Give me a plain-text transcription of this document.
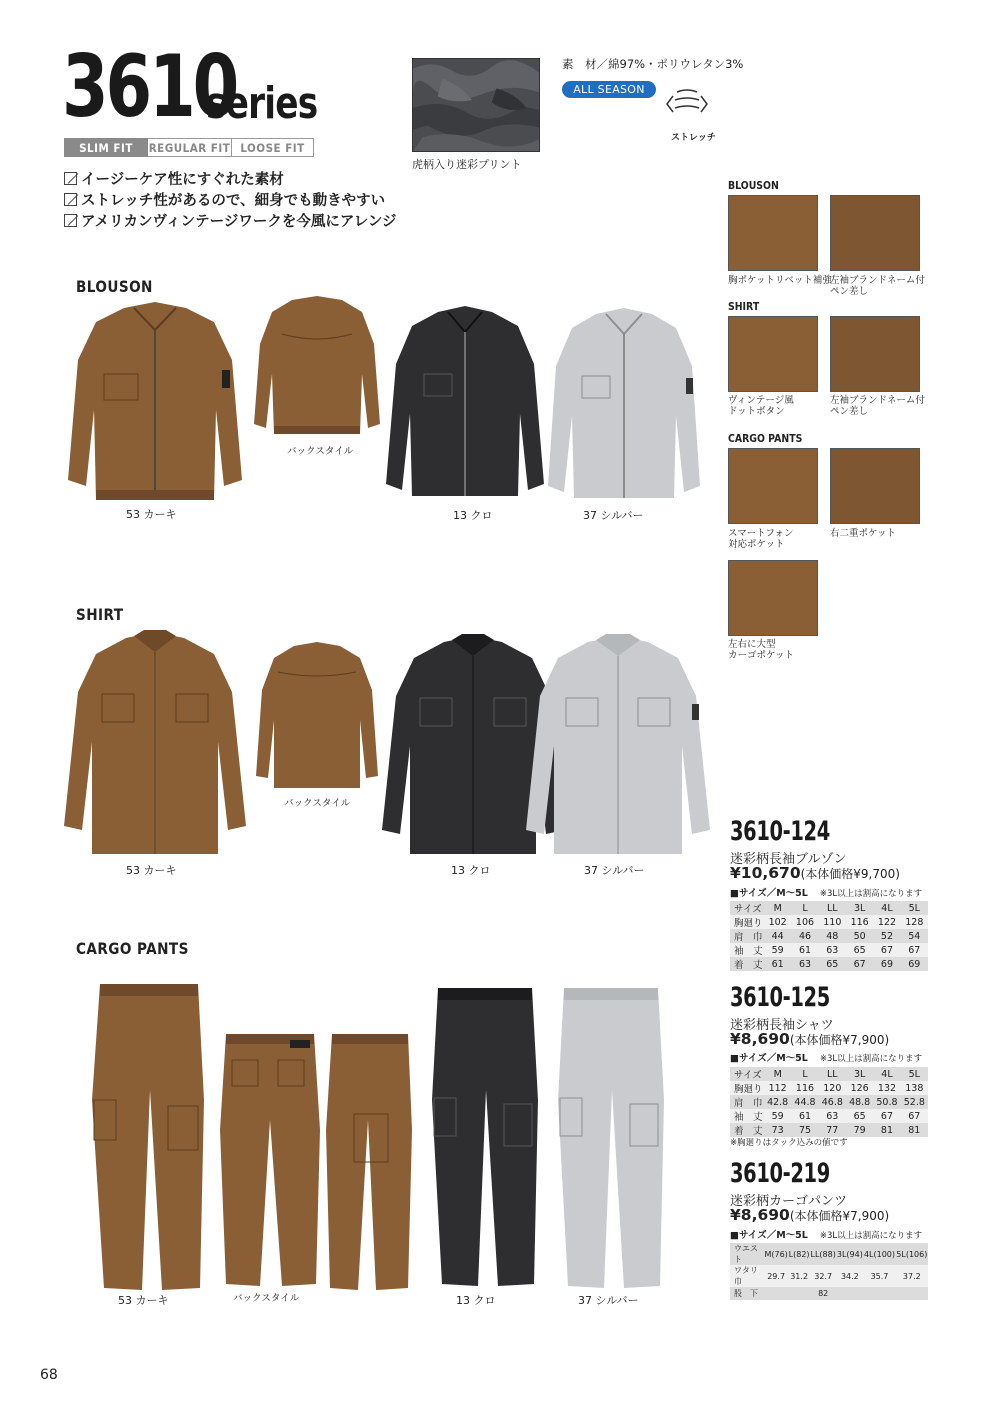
3610
series
SLIM FIT	REGULAR FIT LOOSE FIT
イージーケア性にすぐれた素材
ストレッチ性があるので、細身でも動きやすい
アメリカンヴィンテージワークを今風にアレンジ
虎柄入り迷彩プリント
素　材／綿97%・ポリウレタン3%
ALL SEASON
ストレッチ
BLOUSON
53 カーキ
バックスタイル
13 クロ	37 シルバー
SHIRT
53 カーキ
バックスタイル
13 クロ	37 シルバー
CARGO PANTS
53 カーキ	バックスタイル	13 クロ	37 シルバー
BLOUSON
胸ポケットリベット補強
左袖ブランドネーム付
ペン差し
SHIRT
ヴィンテージ風
ドットボタン
左袖ブランドネーム付
ペン差し
CARGO PANTS
スマートフォン
対応ポケット
右二重ポケット
左右に大型
カーゴポケット
3610-124
迷彩柄長袖ブルゾン
¥10,670(本体価格¥9,700)
■サイズ／M～5L ※3L以上は割高になります
サイズ	M	L	LL	3L	4L	5L
胸廻り	102	106	110	116	122	128
肩　巾	44	46	48	50	52	54
袖　丈	59	61	63	65	67	67
着　丈	61	63	65	67	69	69
3610-125
迷彩柄長袖シャツ
¥8,690(本体価格¥7,900)
■サイズ／M～5L ※3L以上は割高になります
サイズ	M	L	LL	3L	4L	5L
胸廻り	112	116	120	126	132	138
肩　巾	42.8	44.8	46.8	48.8	50.8	52.8
袖　丈	59	61	63	65	67	67
着　丈	73	75	77	79	81	81
※胸廻りはタック込みの値です
3610-219
迷彩柄カーゴパンツ
¥8,690(本体価格¥7,900)
■サイズ／M～5L ※3L以上は割高になります
ウエスト	M(76)	L(82)	LL(88)	3L(94)	4L(100)	5L(106)
ワタリ巾	29.7	31.2	32.7	34.2	35.7	37.2
股　下			82			
68
